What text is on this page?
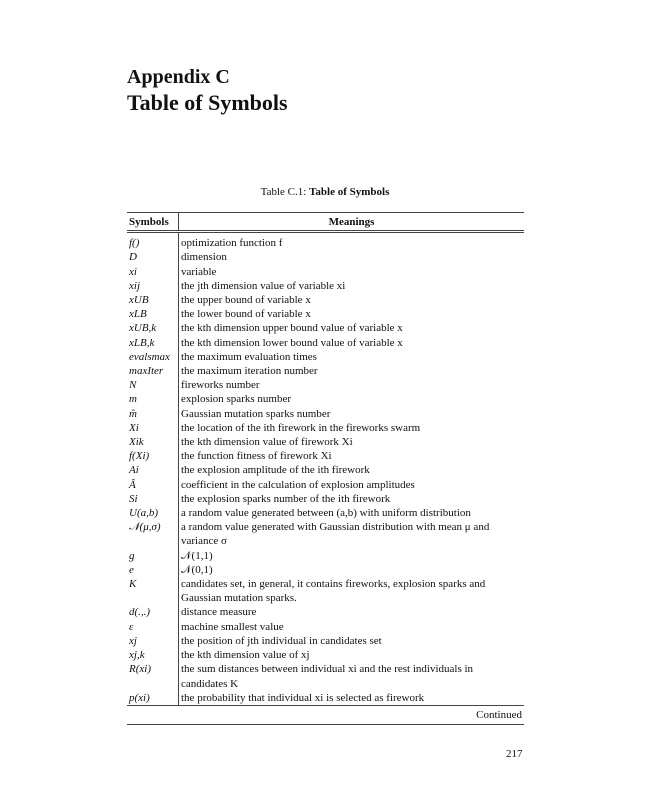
Appendix C
Table of Symbols
Table C.1: Table of Symbols
Symbols	Meanings
f()	optimization function f
D	dimension
xi	variable
xij	the jth dimension value of variable xi
xUB	the upper bound of variable x
xLB	the lower bound of variable x
xUB,k	the kth dimension upper bound value of variable x
xLB,k	the kth dimension lower bound value of variable x
evalsmax	the maximum evaluation times
maxIter	the maximum iteration number
N	fireworks number
m	explosion sparks number
m̂	Gaussian mutation sparks number
Xi	the location of the ith firework in the fireworks swarm
Xik	the kth dimension value of firework Xi
f(Xi)	the function fitness of firework Xi
Ai	the explosion amplitude of the ith firework
Â	coefficient in the calculation of explosion amplitudes
Si	the explosion sparks number of the ith firework
U(a,b)	a random value generated between (a,b) with uniform distribution
𝒩(μ,σ)	a random value generated with Gaussian distribution with mean μ and variance σ
g	𝒩(1,1)
e	𝒩(0,1)
K	candidates set, in general, it contains fireworks, explosion sparks and Gaussian mutation sparks.
d(.,.)	distance measure
ε	machine smallest value
xj	the position of jth individual in candidates set
xj,k	the kth dimension value of xj
R(xi)	the sum distances between individual xi and the rest individuals in candidates K
p(xi)	the probability that individual xi is selected as firework
Continued	
217
